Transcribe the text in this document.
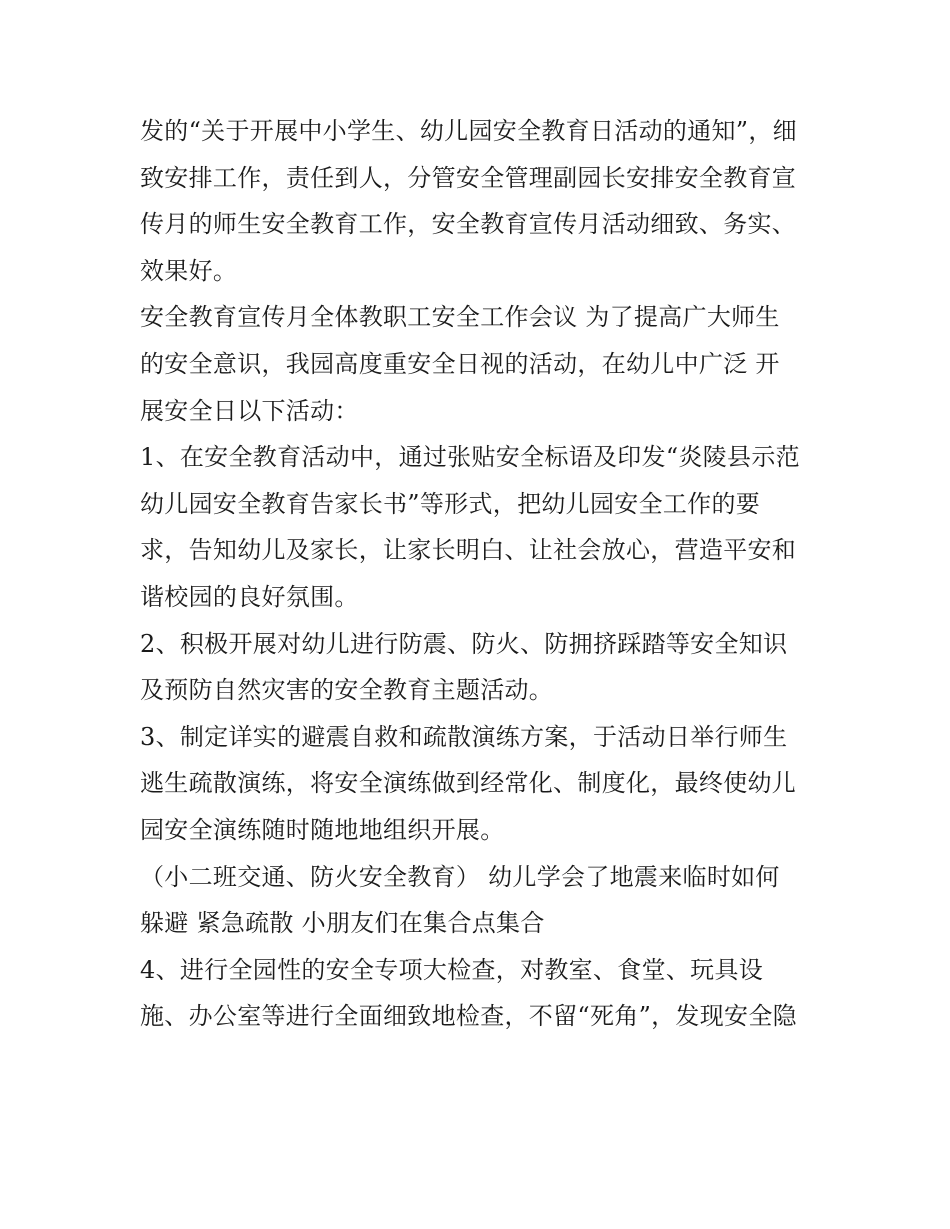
发的“关于开展中小学生、幼儿园安全教育日活动的通知”，细
致安排工作，责任到人，分管安全管理副园长安排安全教育宣
传月的师生安全教育工作，安全教育宣传月活动细致、务实、
效果好。
安全教育宣传月全体教职工安全工作会议 为了提高广大师生
的安全意识，我园高度重安全日视的活动，在幼儿中广泛 开
展安全日以下活动：
1、在安全教育活动中，通过张贴安全标语及印发“炎陵县示范
幼儿园安全教育告家长书”等形式，把幼儿园安全工作的要
求，告知幼儿及家长，让家长明白、让社会放心，营造平安和
谐校园的良好氛围。
2、积极开展对幼儿进行防震、防火、防拥挤踩踏等安全知识
及预防自然灾害的安全教育主题活动。
3、制定详实的避震自救和疏散演练方案，于活动日举行师生
逃生疏散演练，将安全演练做到经常化、制度化，最终使幼儿
园安全演练随时随地地组织开展。
（小二班交通、防火安全教育） 幼儿学会了地震来临时如何
躲避 紧急疏散 小朋友们在集合点集合
4、进行全园性的安全专项大检查，对教室、食堂、玩具设
施、办公室等进行全面细致地检查，不留“死角”，发现安全隐
